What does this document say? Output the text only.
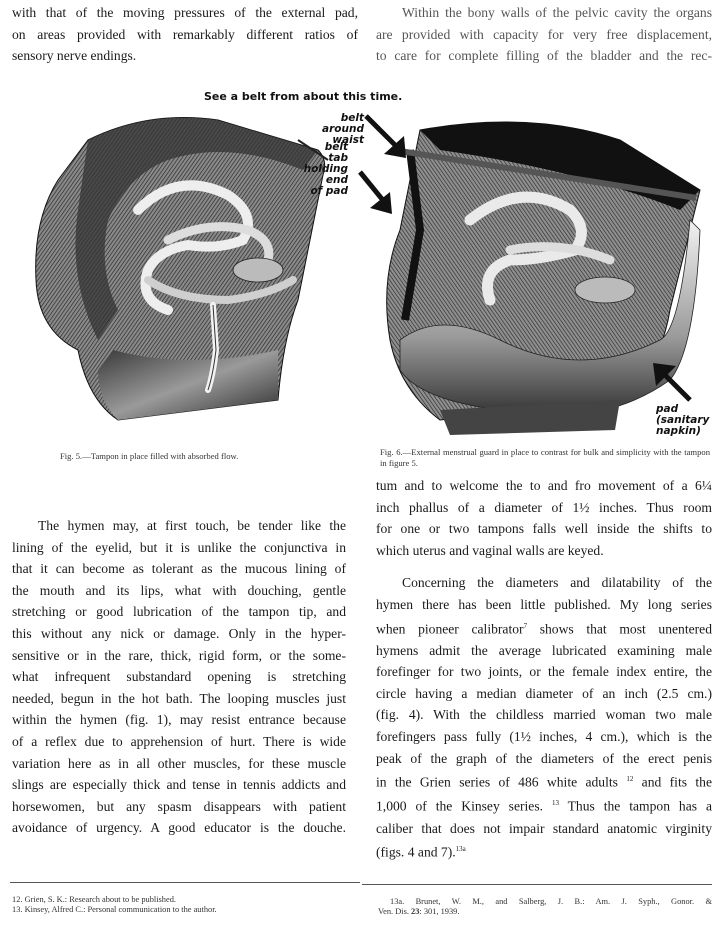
with that of the moving pressures of the external pad,

on areas provided with remarkably different ratios of

sensory nerve endings.

Within the bony walls of the pelvic cavity the organs

are provided with capacity for very free displacement,

to care for complete filling of the bladder and the rec-

See a belt from about this time.
belt
around waist
belt
tab
holding
end
of pad
pad
(sanitary
napkin)
Fig. 5.—Tampon in place filled with absorbed flow.	Fig. 6.—External menstrual guard in place to contrast for bulk and simplicity with the tampon in figure 5.

The hymen may, at first touch, be tender like the

lining of the eyelid, but it is unlike the conjunctiva in

that it can become as tolerant as the mucous lining of

the mouth and its lips, what with douching, gentle

stretching or good lubrication of the tampon tip, and

this without any nick or damage. Only in the hyper-

sensitive or in the rare, thick, rigid form, or the some-

what infrequent substandard opening is stretching

needed, begun in the hot bath. The looping muscles just

within the hymen (fig. 1), may resist entrance because

of a reflex due to apprehension of hurt. There is wide

variation here as in all other muscles, for these muscle

slings are especially thick and tense in tennis addicts and

horsewomen, but any spasm disappears with patient

avoidance of urgency. A good educator is the douche.

tum and to welcome the to and fro movement of a 6¼

inch phallus of a diameter of 1½ inches. Thus room

for one or two tampons falls well inside the shifts to

which uterus and vaginal walls are keyed.

Concerning the diameters and dilatability of the

hymen there has been little published. My long series

when pioneer calibrator$^7$ shows that most unentered

hymens admit the average lubricated examining male

forefinger for two joints, or the female index entire, the

circle having a median diameter of an inch (2.5 cm.)

(fig. 4). With the childless married woman two male

forefingers pass fully (1½ inches, 4 cm.), which is the

peak of the graph of the diameters of the erect penis

in the Grien series of 486 white adults $^{12}$ and fits the

1,000 of the Kinsey series. $^{13}$ Thus the tampon has a

caliber that does not impair standard anatomic virginity

(figs. 4 and 7).$^{13a}$

12. Grien, S. K.: Research about to be published.
13. Kinsey, Alfred C.: Personal communication to the author.
13a. Brunet, W. M., and Salberg, J. B.: Am. J. Syph., Gonor. &
Ven. Dis. 23: 301, 1939.
